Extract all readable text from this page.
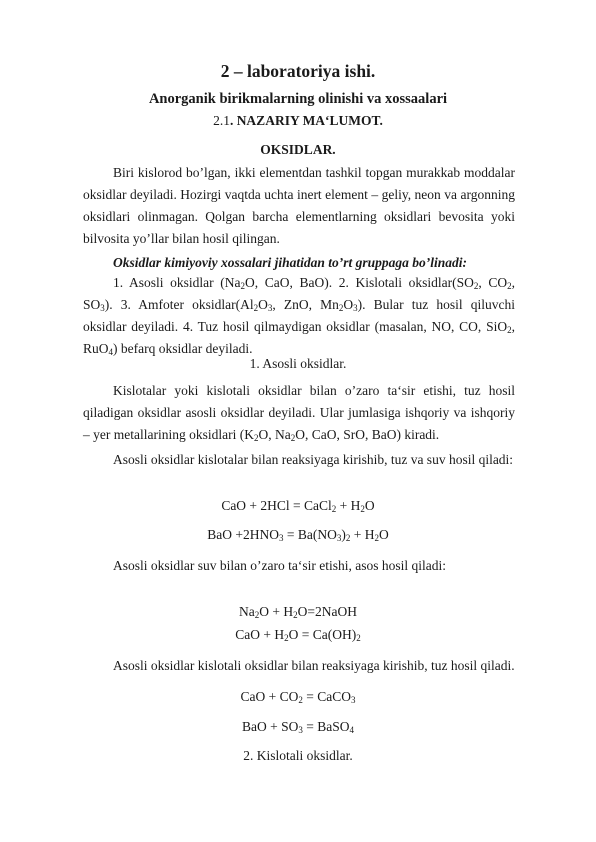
2 – laboratoriya ishi.
Anorganik birikmalarning olinishi va xossaalari
2.1. NAZARIY MA‘LUMOT.
OKSIDLAR.

Biri kislorod bo’lgan, ikki elementdan tashkil topgan murakkab moddalar oksidlar deyiladi. Hozirgi vaqtda uchta inert element – geliy, neon va argonning oksidlari olinmagan. Qolgan barcha elementlarning oksidlari bevosita yoki bilvosita yo’llar bilan hosil qilingan.

Oksidlar kimiyoviy xossalari jihatidan to’rt gruppaga bo’linadi:

1. Asosli oksidlar ($Na_2O$, CaO, BaO). 2. Kislotali $oksidlar(SO_2$, $CO_2$, $SO_3$). 3. Amfoter $oksidlar(Al_2O_3$, ZnO, $Mn_2O_3$). Bular tuz hosil qiluvchi oksidlar deyiladi. 4. Tuz hosil qilmaydigan oksidlar (masalan, NO, CO, SiO$_2$, RuO$_4$) befarq oksidlar deyiladi.

1. Asosli oksidlar.

Kislotalar yoki kislotali oksidlar bilan o’zaro ta‘sir etishi, tuz hosil qiladigan oksidlar asosli oksidlar deyiladi. Ular jumlasiga ishqoriy va ishqoriy – yer metallarining oksidlari ($K_2O$, $Na_2O$, CaO, SrO, BaO) kiradi.

Asosli oksidlar kislotalar bilan reaksiyaga kirishib, tuz va suv hosil qiladi:
CaO + 2HCl = CaCl$_2$ + $H_2O$
BaO $+2HNO_3 = Ba(NO_3)_2 + H_2O$
Asosli oksidlar suv bilan o’zaro ta‘sir etishi, asos hosil qiladi:
$Na_2O$ + $H_2O=2NaOH$
CaO + $H_2O = Ca(OH)_2$
Asosli oksidlar kislotali oksidlar bilan reaksiyaga kirishib, tuz hosil qiladi.
CaO + $CO_2$ = CaCO$_3$
BaO + $SO_3$ = BaSO$_4$
2. Kislotali oksidlar.
